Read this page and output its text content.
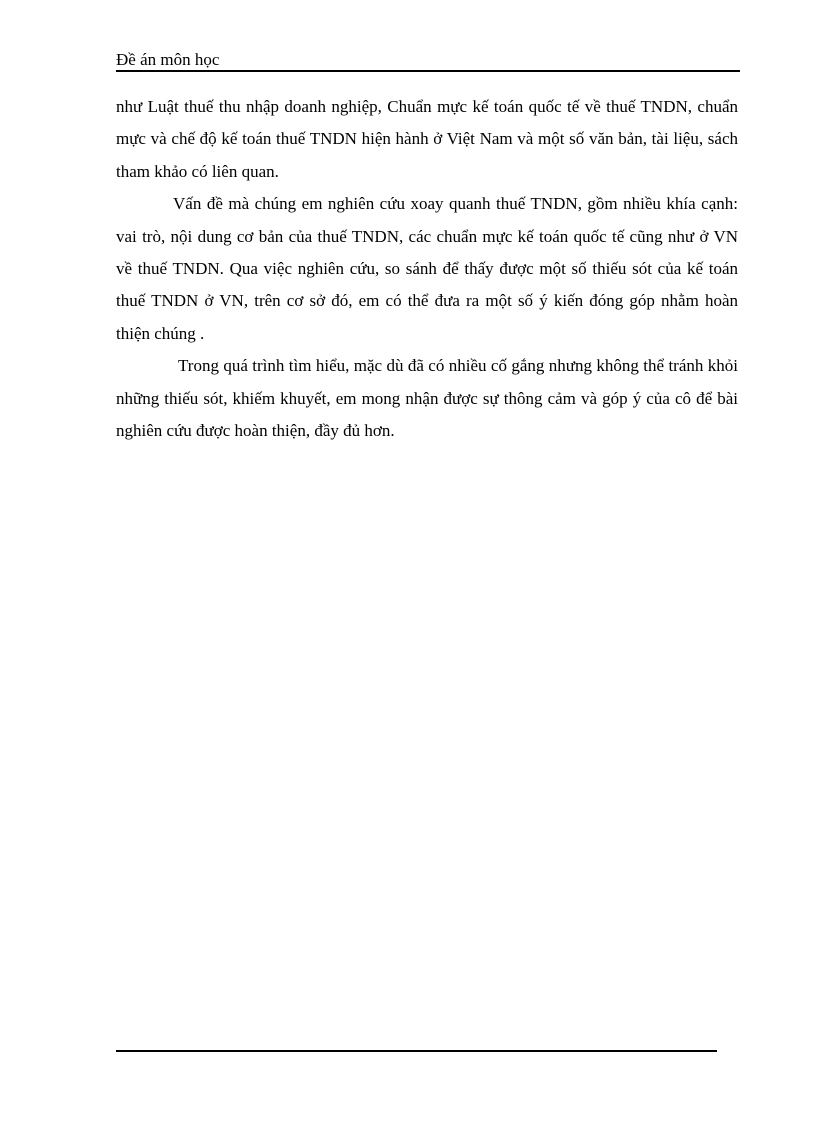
Đề án môn học

như Luật thuế thu nhập doanh nghiệp, Chuẩn mực kế toán quốc tế về thuế TNDN, chuẩn mực và chế độ kế toán thuế TNDN hiện hành ở Việt Nam và một số văn bản, tài liệu, sách tham khảo có liên quan.

Vấn đề mà chúng em nghiên cứu xoay quanh thuế TNDN, gồm nhiều khía cạnh: vai trò, nội dung cơ bản của thuế TNDN, các chuẩn mực kế toán quốc tế cũng như ở VN về thuế TNDN. Qua việc nghiên cứu, so sánh để thấy được một số thiếu sót của kế toán thuế TNDN ở VN, trên cơ sở đó, em có thể đưa ra một số ý kiến đóng góp nhằm hoàn thiện chúng .

Trong quá trình tìm hiểu, mặc dù đã có nhiều cố gắng nhưng không thể tránh khỏi những thiếu sót, khiếm khuyết, em mong nhận được sự thông cảm và góp ý của cô để bài nghiên cứu được hoàn thiện, đầy đủ hơn.
